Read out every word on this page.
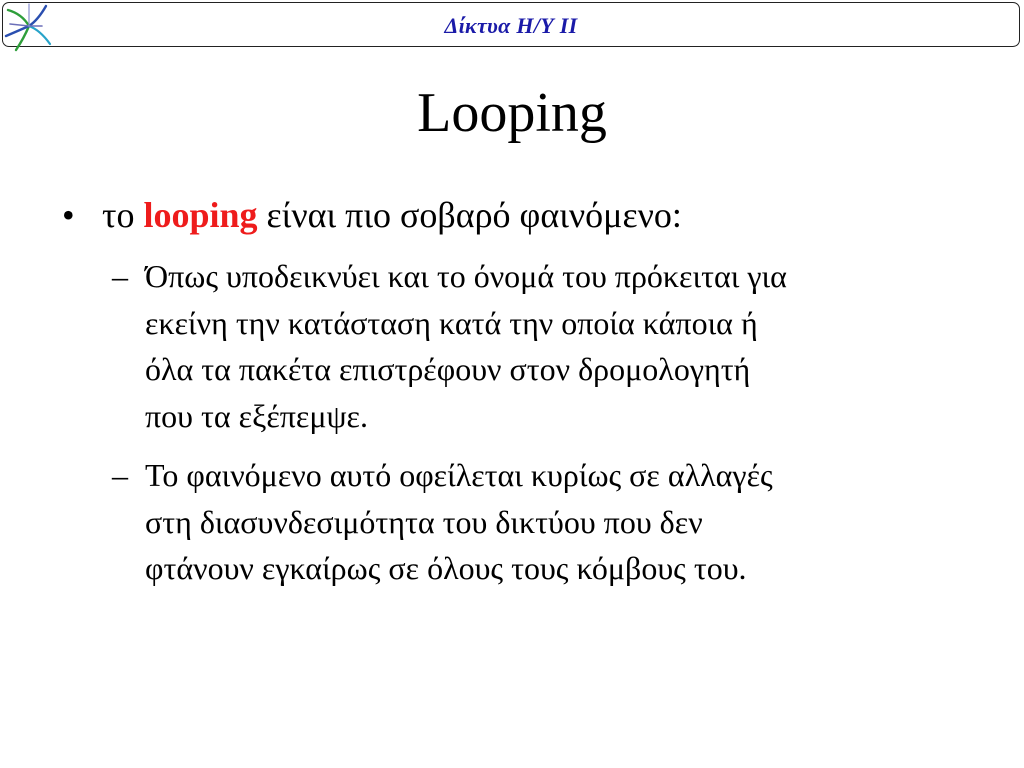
Δίκτυα Η/Υ ΙΙ
Looping
• το looping είναι πιο σοβαρό φαινόμενο:
– Όπως υποδεικνύει και το όνομά του πρόκειται για
εκείνη την κατάσταση κατά την οποία κάποια ή
όλα τα πακέτα επιστρέφουν στον δρομολογητή
που τα εξέπεμψε.
– Το φαινόμενο αυτό οφείλεται κυρίως σε αλλαγές
στη διασυνδεσιμότητα του δικτύου που δεν
φτάνουν εγκαίρως σε όλους τους κόμβους του.
